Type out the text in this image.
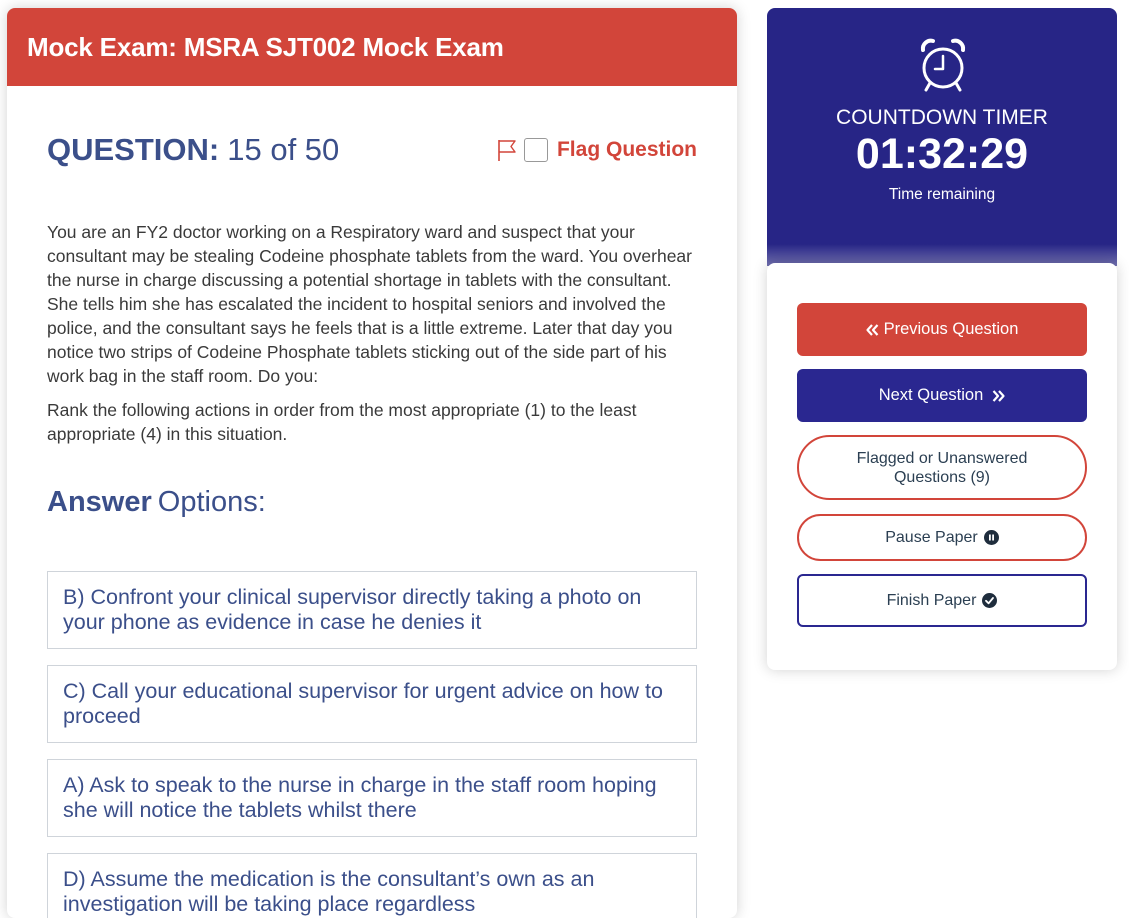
Mock Exam: MSRA SJT002 Mock Exam
QUESTION: 15 of 50	Flag Question

You are an FY2 doctor working on a Respiratory ward and suspect that your consultant may be stealing Codeine phosphate tablets from the ward. You overhear the nurse in charge discussing a potential shortage in tablets with the consultant. She tells him she has escalated the incident to hospital seniors and involved the police, and the consultant says he feels that is a little extreme. Later that day you notice two strips of Codeine Phosphate tablets sticking out of the side part of his work bag in the staff room. Do you:

Rank the following actions in order from the most appropriate (1) to the least appropriate (4) in this situation.

Answer Options:
B) Confront your clinical supervisor directly taking a photo on your phone as evidence in case he denies it
C) Call your educational supervisor for urgent advice on how to proceed
A) Ask to speak to the nurse in charge in the staff room hoping she will notice the tablets whilst there
D) Assume the medication is the consultant’s own as an investigation will be taking place regardless
COUNTDOWN TIMER
01:32:29
Time remaining
Previous Question
Next Question
Flagged or Unanswered Questions (9)
Pause Paper
Finish Paper
